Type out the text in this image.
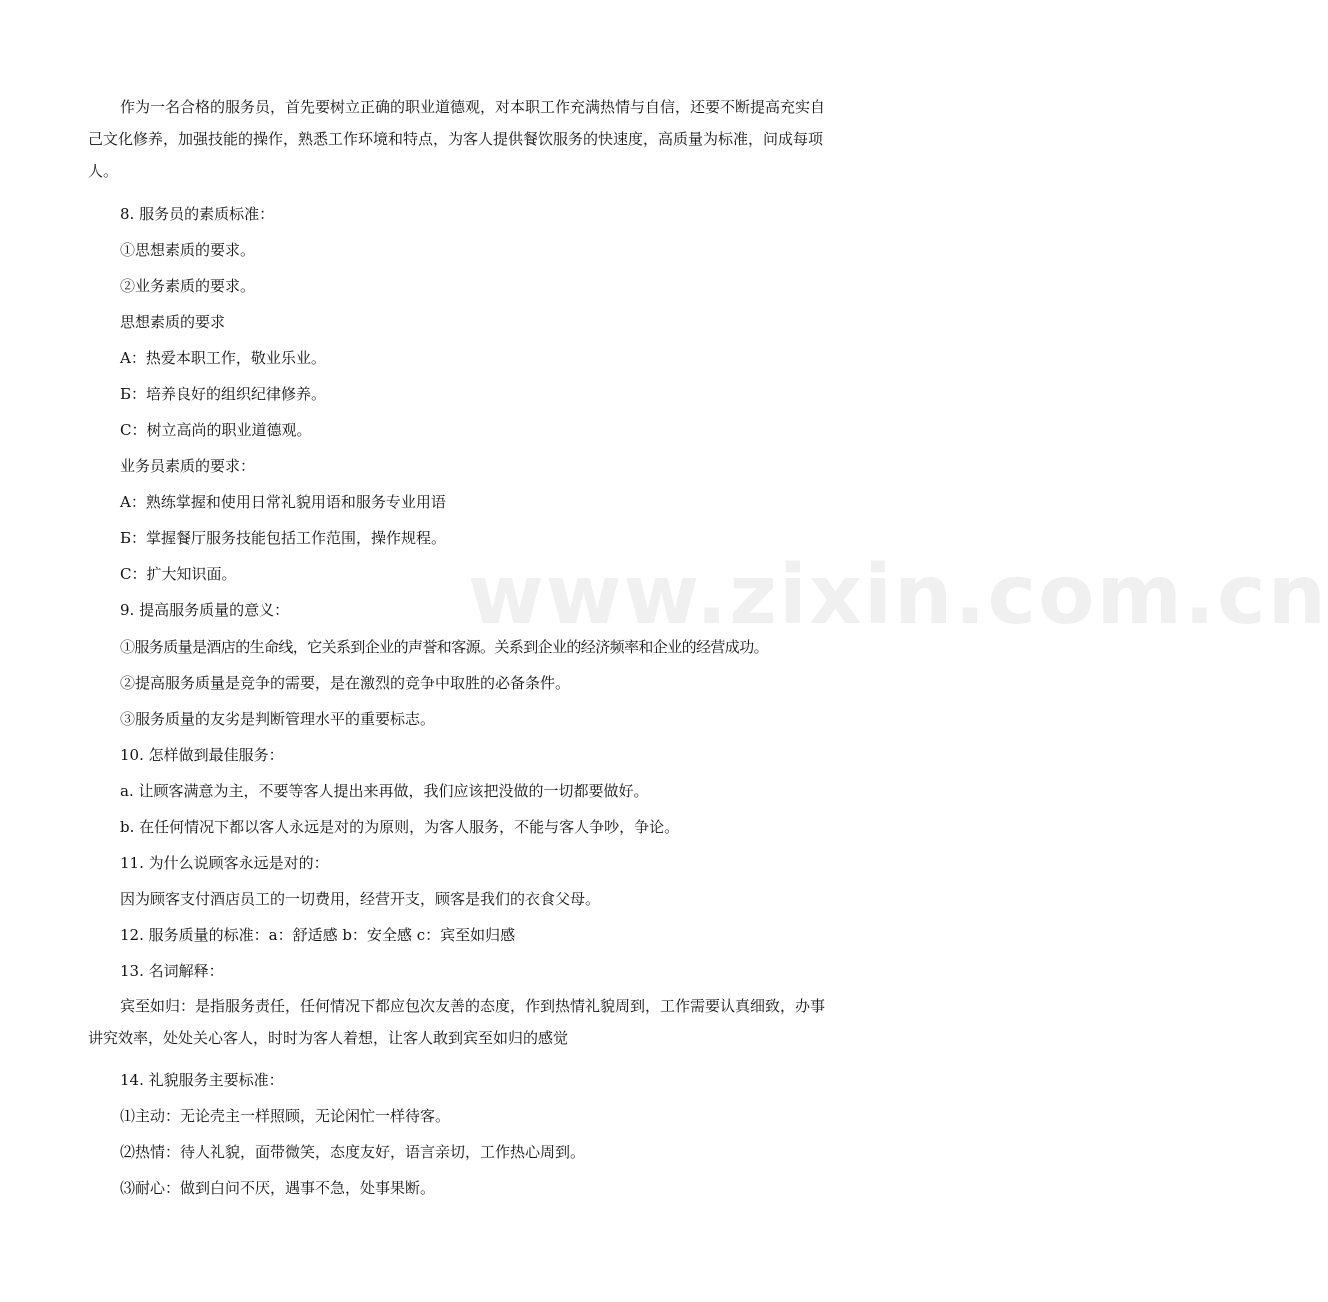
www.zixin.com.cn
作为一名合格的服务员，首先要树立正确的职业道德观，对本职工作充满热情与自信，还要不断提高充实自己文化修养，加强技能的操作，熟悉工作环境和特点，为客人提供餐饮服务的快速度，高质量为标准，问成每项人。
8. 服务员的素质标准：
①思想素质的要求。
②业务素质的要求。
思想素质的要求
A：热爱本职工作，敬业乐业。
Б：培养良好的组织纪律修养。
C：树立高尚的职业道德观。
业务员素质的要求：
A：熟练掌握和使用日常礼貌用语和服务专业用语
Б：掌握餐厅服务技能包括工作范围，操作规程。
C：扩大知识面。
9. 提高服务质量的意义：
①服务质量是酒店的生命线，它关系到企业的声誉和客源。关系到企业的经济频率和企业的经营成功。
②提高服务质量是竞争的需要，是在激烈的竞争中取胜的必备条件。
③服务质量的友劣是判断管理水平的重要标志。
10. 怎样做到最佳服务：
a. 让顾客满意为主，不要等客人提出来再做，我们应该把没做的一切都要做好。
b. 在任何情况下都以客人永远是对的为原则，为客人服务，不能与客人争吵，争论。
11. 为什么说顾客永远是对的：
因为顾客支付酒店员工的一切费用，经营开支，顾客是我们的衣食父母。
12. 服务质量的标准：a：舒适感 b：安全感 c：宾至如归感
13. 名词解释：
宾至如归：是指服务责任，任何情况下都应包次友善的态度，作到热情礼貌周到，工作需要认真细致，办事讲究效率，处处关心客人，时时为客人着想，让客人敢到宾至如归的感觉
14. 礼貌服务主要标准：
⑴主动：无论壳主一样照顾，无论闲忙一样待客。
⑵热情：待人礼貌，面带微笑，态度友好，语言亲切，工作热心周到。
⑶耐心：做到白问不厌，遇事不急，处事果断。
